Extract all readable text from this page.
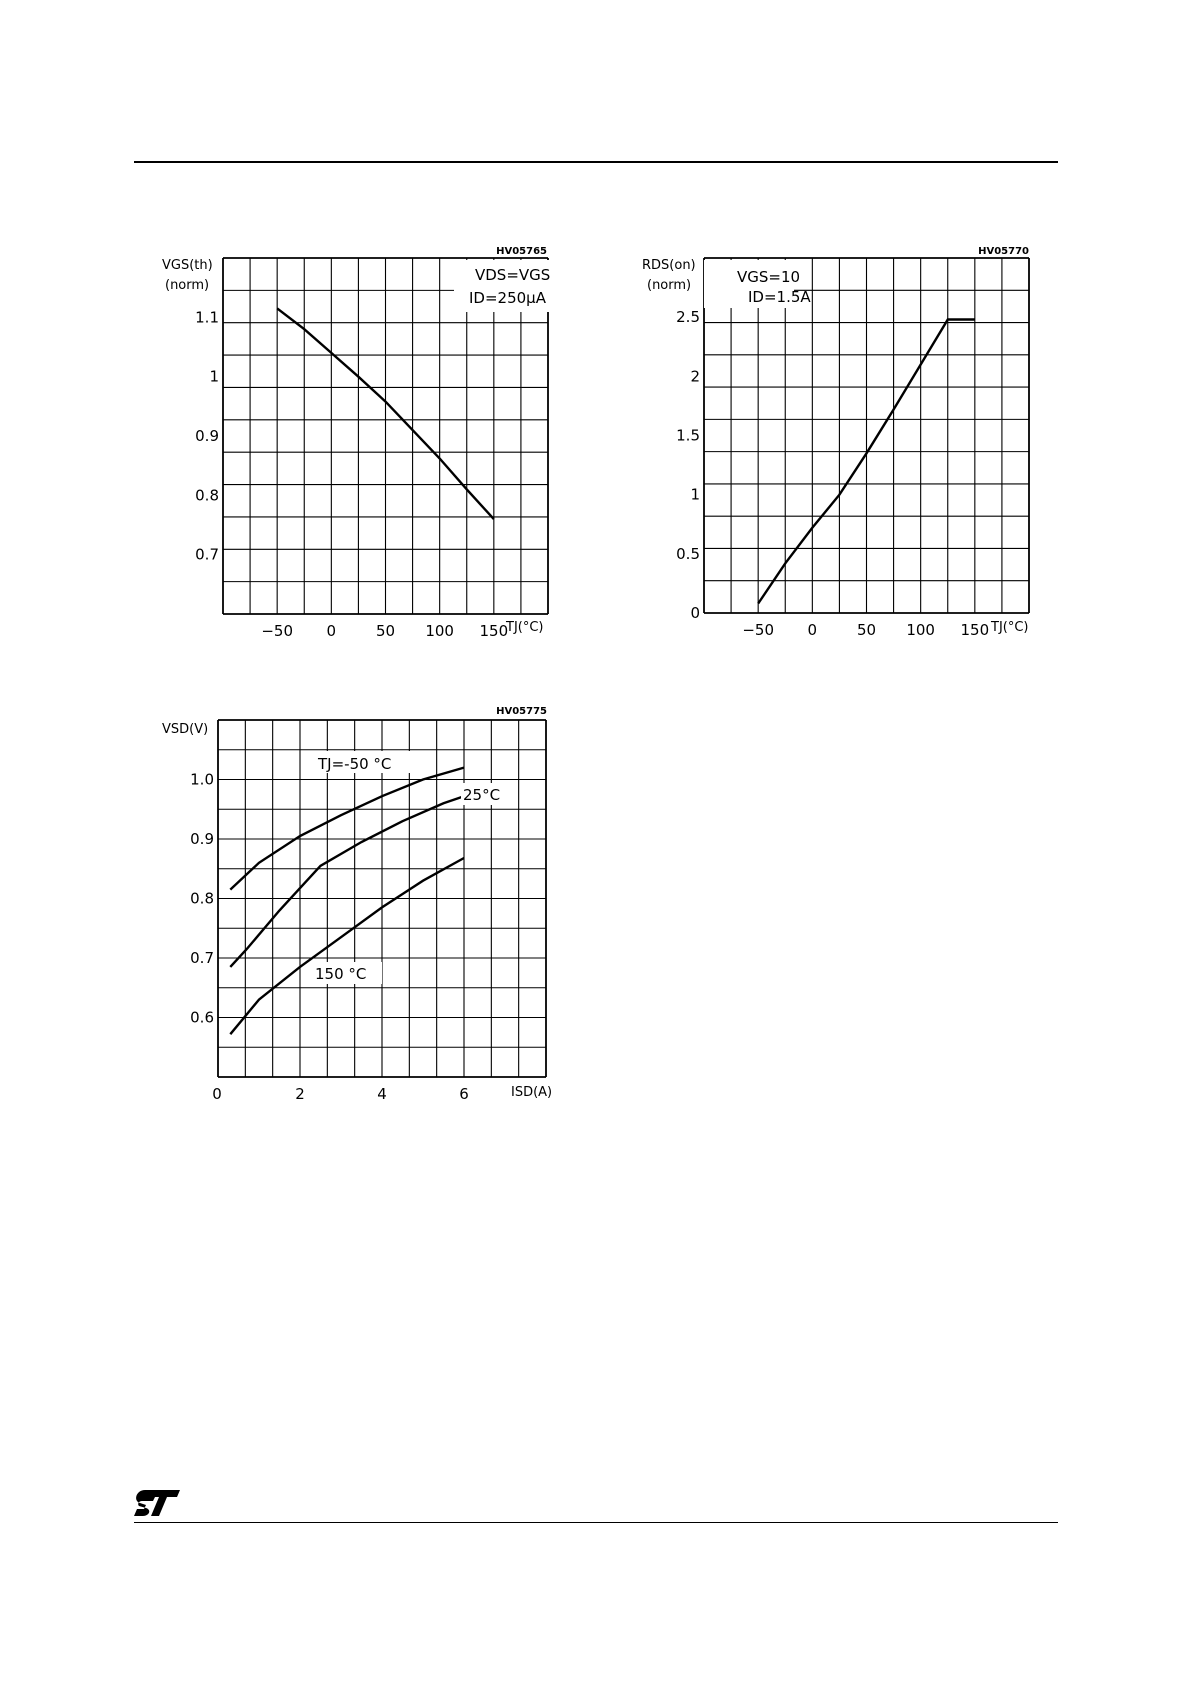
HV05765
VGS(th)
(norm)
TJ(°C)
−50 0	50 100 150
1.1
1
0.9
0.8
0.7
VDS=VGS
ID=250μA
HV05770
RDS(on)
(norm)
TJ(°C)
−50 0	50 100 150
2.5
2
1.5
1
0.5
0
VGS=10
ID=1.5A
HV05775
VSD(V)
ISD(A)
0	2	4	6
1.0
0.9
0.8
0.7
0.6
TJ=-50 °C
25°C
150 °C
